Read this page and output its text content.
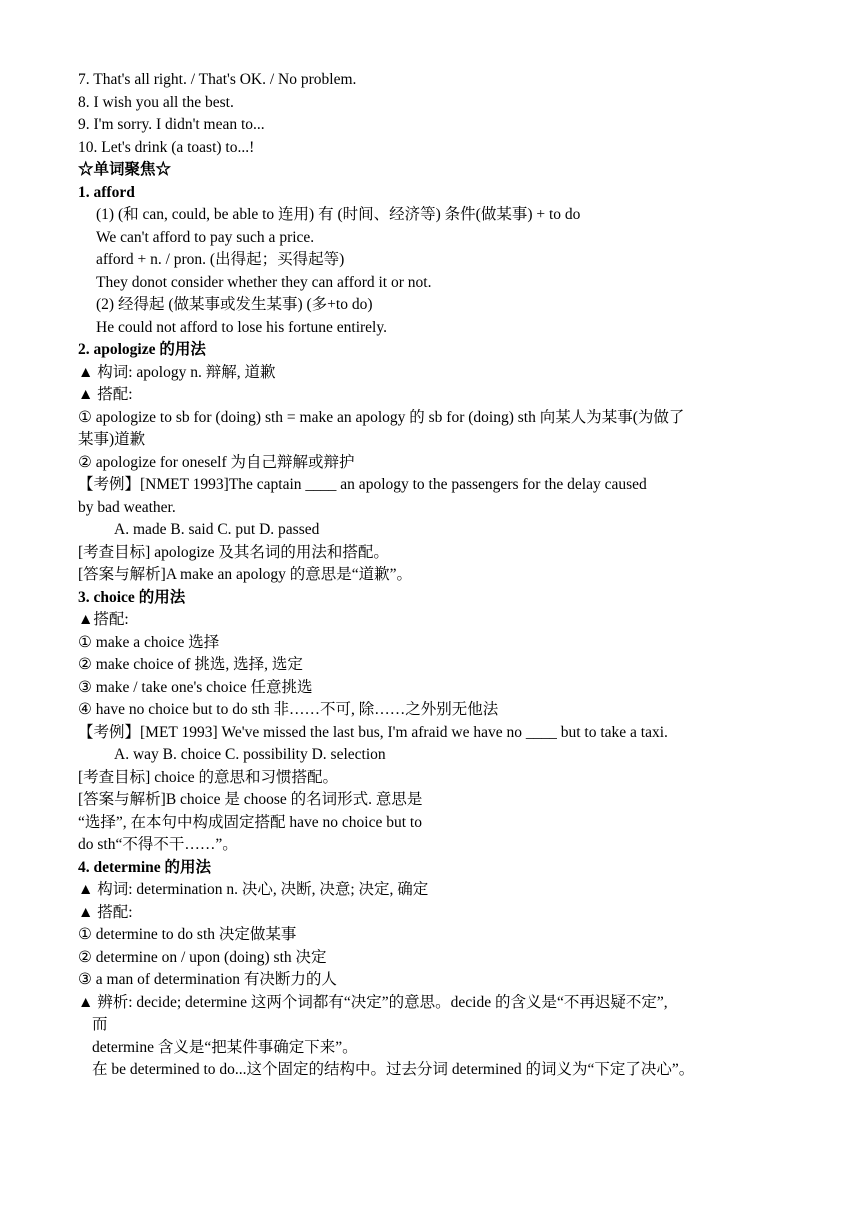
7. That's all right. / That's OK. / No problem.
8. I wish you all the best.
9. I'm sorry. I didn't mean to...
10. Let's drink (a toast) to...!
☆单词聚焦☆
1. afford
(1) (和 can, could, be able to 连用) 有 (时间、经济等) 条件(做某事) + to do
We can't afford to pay such a price.
afford + n. / pron. (出得起；买得起等)
They donot consider whether they can afford it or not.
(2) 经得起 (做某事或发生某事) (多+to do)
He could not afford to lose his fortune entirely.
2. apologize 的用法
▲ 构词: apology n. 辩解, 道歉
▲ 搭配:
① apologize to sb for (doing) sth = make an apology 的 sb for (doing) sth 向某人为某事(为做了
某事)道歉
② apologize for oneself 为自己辩解或辩护
【考例】[NMET 1993]The captain ____ an apology to the passengers for the delay caused
by bad weather.
A. made B. said C. put D. passed
[考查目标] apologize 及其名词的用法和搭配。
[答案与解析]A make an apology 的意思是“道歉”。
3. choice 的用法
▲搭配:
① make a choice 选择
② make choice of 挑选, 选择, 选定
③ make / take one's choice 任意挑选
④ have no choice but to do sth 非……不可, 除……之外别无他法
【考例】[MET 1993] We've missed the last bus, I'm afraid we have no ____ but to take a taxi.
A. way B. choice C. possibility D. selection
[考查目标] choice 的意思和习惯搭配。
[答案与解析]B choice 是 choose 的名词形式. 意思是
“选择”, 在本句中构成固定搭配 have no choice but to
do sth“不得不干……”。
4. determine 的用法
▲ 构词: determination n. 决心, 决断, 决意; 决定, 确定
▲ 搭配:
① determine to do sth 决定做某事
② determine on / upon (doing) sth 决定
③ a man of determination 有决断力的人
▲ 辨析: decide; determine 这两个词都有“决定”的意思。decide 的含义是“不再迟疑不定”,
而
determine 含义是“把某件事确定下来”。
在 be determined to do...这个固定的结构中。过去分词 determined 的词义为“下定了决心”。
